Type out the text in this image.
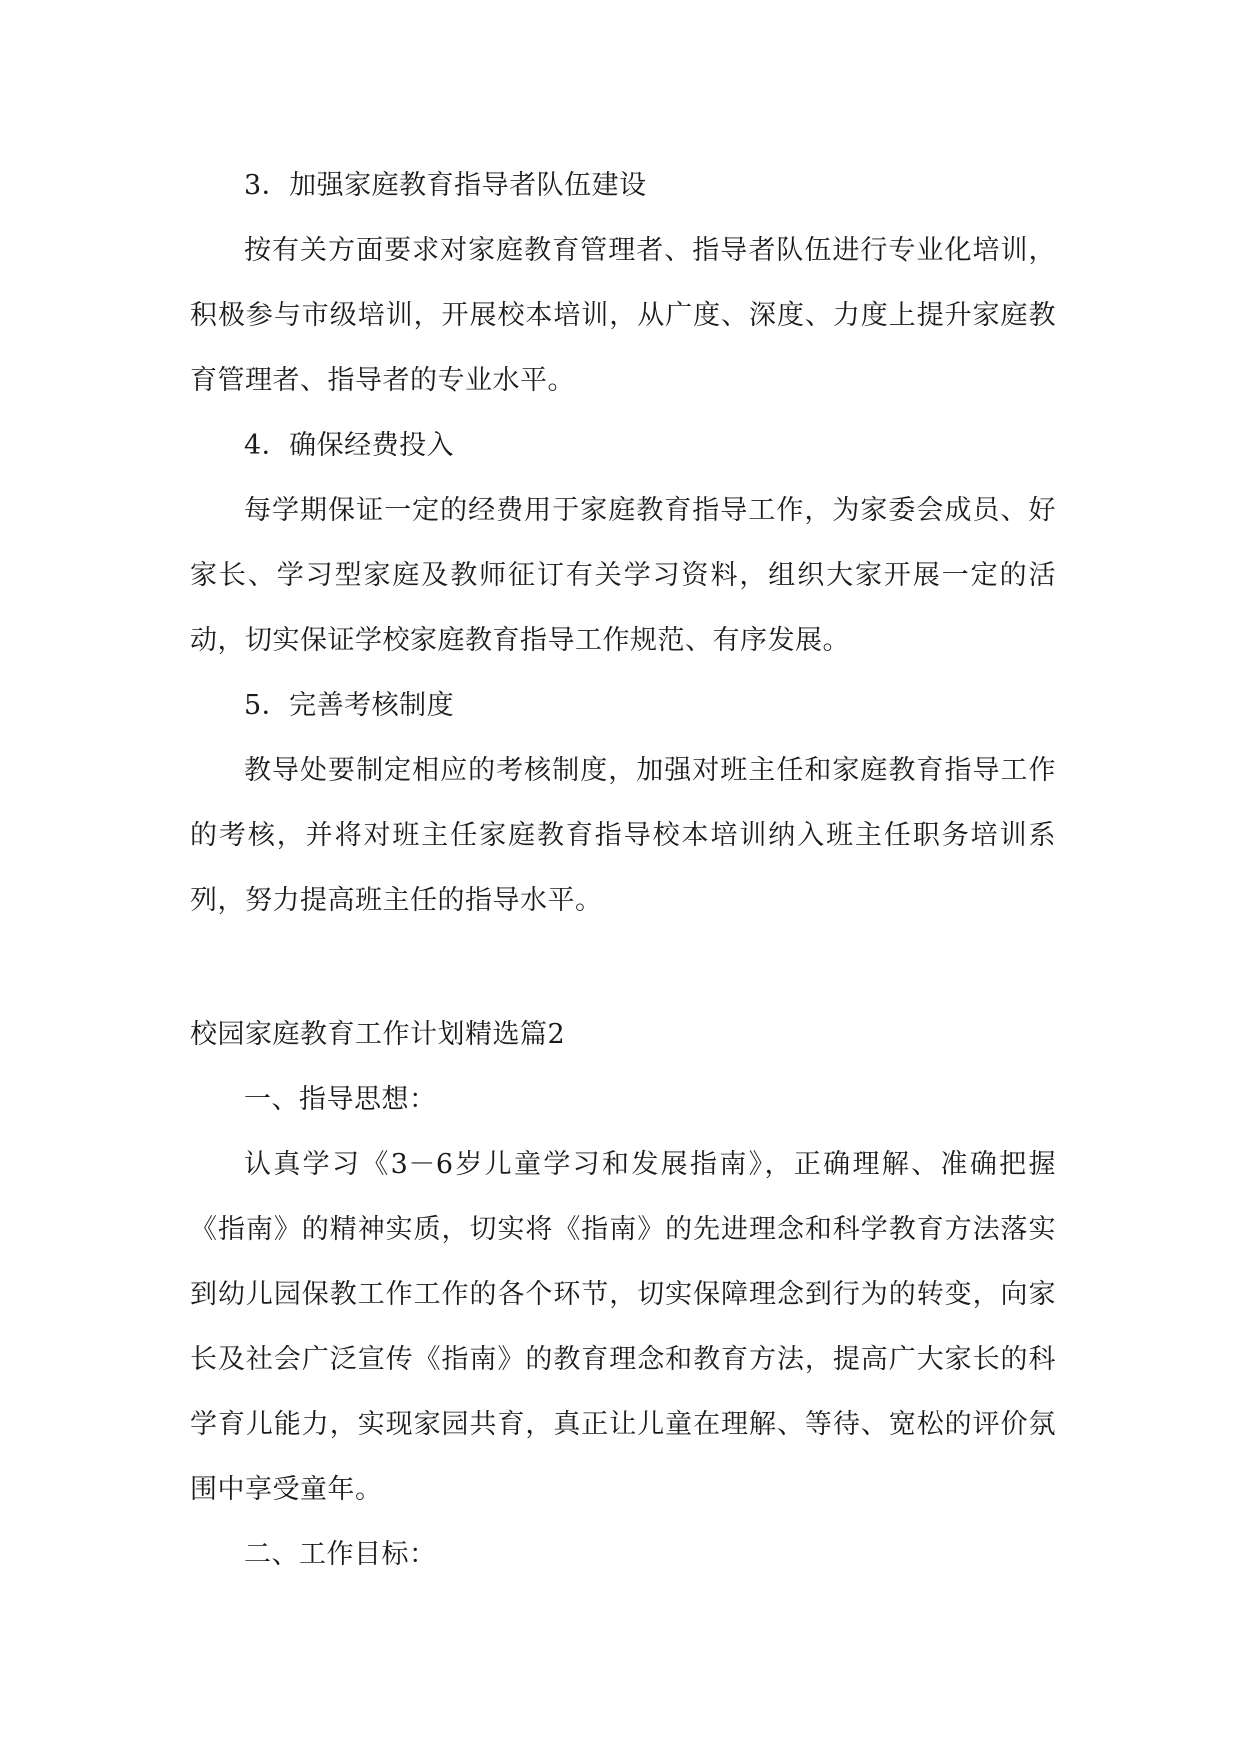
3．加强家庭教育指导者队伍建设

按有关方面要求对家庭教育管理者、指导者队伍进行专业化培训，积极参与市级培训，开展校本培训，从广度、深度、力度上提升家庭教育管理者、指导者的专业水平。

4．确保经费投入

每学期保证一定的经费用于家庭教育指导工作，为家委会成员、好家长、学习型家庭及教师征订有关学习资料，组织大家开展一定的活动，切实保证学校家庭教育指导工作规范、有序发展。

5．完善考核制度

教导处要制定相应的考核制度，加强对班主任和家庭教育指导工作的考核，并将对班主任家庭教育指导校本培训纳入班主任职务培训系列，努力提高班主任的指导水平。

校园家庭教育工作计划精选篇2

一、指导思想：

认真学习《3－6岁儿童学习和发展指南》，正确理解、准确把握《指南》的精神实质，切实将《指南》的先进理念和科学教育方法落实到幼儿园保教工作工作的各个环节，切实保障理念到行为的转变，向家长及社会广泛宣传《指南》的教育理念和教育方法，提高广大家长的科学育儿能力，实现家园共育，真正让儿童在理解、等待、宽松的评价氛围中享受童年。

二、工作目标：
